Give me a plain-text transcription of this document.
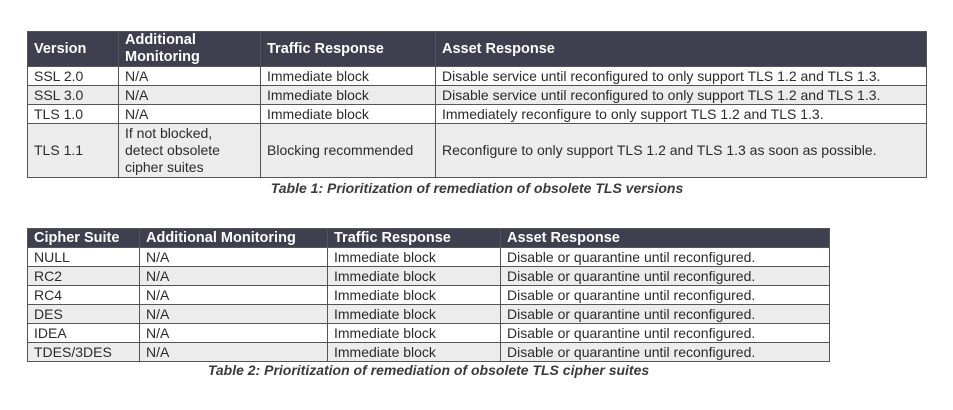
Version	Additional Monitoring	Traffic Response	Asset Response
SSL 2.0	N/A	Immediate block	Disable service until reconfigured to only support TLS 1.2 and TLS 1.3.
SSL 3.0	N/A	Immediate block	Disable service until reconfigured to only support TLS 1.2 and TLS 1.3.
TLS 1.0	N/A	Immediate block	Immediately reconfigure to only support TLS 1.2 and TLS 1.3.
TLS 1.1	If not blocked, detect obsolete cipher suites	Blocking recommended	Reconfigure to only support TLS 1.2 and TLS 1.3 as soon as possible.
Table 1: Prioritization of remediation of obsolete TLS versions
Cipher Suite	Additional Monitoring	Traffic Response	Asset Response
NULL	N/A	Immediate block	Disable or quarantine until reconfigured.
RC2	N/A	Immediate block	Disable or quarantine until reconfigured.
RC4	N/A	Immediate block	Disable or quarantine until reconfigured.
DES	N/A	Immediate block	Disable or quarantine until reconfigured.
IDEA	N/A	Immediate block	Disable or quarantine until reconfigured.
TDES/3DES	N/A	Immediate block	Disable or quarantine until reconfigured.
Table 2: Prioritization of remediation of obsolete TLS cipher suites
